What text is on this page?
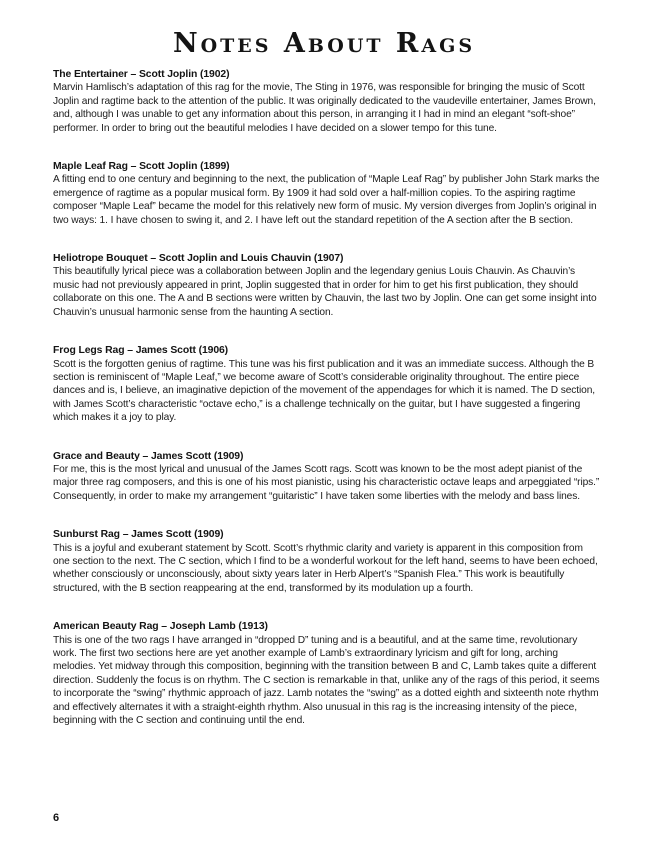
Notes About Rags
The Entertainer – Scott Joplin (1902)

Marvin Hamlisch’s adaptation of this rag for the movie, The Sting in 1976, was responsible for bringing the music of Scott Joplin and ragtime back to the attention of the public. It was originally dedicated to the vaudeville entertainer, James Brown, and, although I was unable to get any information about this person, in arranging it I had in mind an elegant “soft-shoe” performer. In order to bring out the beautiful melodies I have decided on a slower tempo for this tune.

Maple Leaf Rag – Scott Joplin (1899)

A fitting end to one century and beginning to the next, the publication of “Maple Leaf Rag” by publisher John Stark marks the emergence of ragtime as a popular musical form. By 1909 it had sold over a half-million copies. To the aspiring ragtime composer “Maple Leaf” became the model for this relatively new form of music. My version diverges from Joplin’s original in two ways: 1. I have chosen to swing it, and 2. I have left out the standard repetition of the A section after the B section.

Heliotrope Bouquet – Scott Joplin and Louis Chauvin (1907)

This beautifully lyrical piece was a collaboration between Joplin and the legendary genius Louis Chauvin. As Chauvin’s music had not previously appeared in print, Joplin suggested that in order for him to get his first publication, they should collaborate on this one. The A and B sections were written by Chauvin, the last two by Joplin. One can get some insight into Chauvin’s unusual harmonic sense from the haunting A section.

Frog Legs Rag – James Scott (1906)

Scott is the forgotten genius of ragtime. This tune was his first publication and it was an immediate success. Although the B section is reminiscent of “Maple Leaf,” we become aware of Scott’s considerable originality throughout. The entire piece dances and is, I believe, an imaginative depiction of the movement of the appendages for which it is named. The D section, with James Scott’s characteristic “octave echo,” is a challenge technically on the guitar, but I have suggested a fingering which makes it a joy to play.

Grace and Beauty – James Scott (1909)

For me, this is the most lyrical and unusual of the James Scott rags. Scott was known to be the most adept pianist of the major three rag composers, and this is one of his most pianistic, using his characteristic octave leaps and arpeggiated “rips.” Consequently, in order to make my arrangement “guitaristic” I have taken some liberties with the melody and bass lines.

Sunburst Rag – James Scott (1909)

This is a joyful and exuberant statement by Scott. Scott’s rhythmic clarity and variety is apparent in this composition from one section to the next. The C section, which I find to be a wonderful workout for the left hand, seems to have been echoed, whether consciously or unconsciously, about sixty years later in Herb Alpert’s “Spanish Flea.” This work is beautifully structured, with the B section reappearing at the end, transformed by its modulation up a fourth.

American Beauty Rag – Joseph Lamb (1913)

This is one of the two rags I have arranged in “dropped D” tuning and is a beautiful, and at the same time, revolutionary work. The first two sections here are yet another example of Lamb’s extraordinary lyricism and gift for long, arching melodies. Yet midway through this composition, beginning with the transition between B and C, Lamb takes quite a different direction. Suddenly the focus is on rhythm. The C section is remarkable in that, unlike any of the rags of this period, it seems to incorporate the “swing” rhythmic approach of jazz. Lamb notates the “swing” as a dotted eighth and sixteenth note rhythm and effectively alternates it with a straight-eighth rhythm. Also unusual in this rag is the increasing intensity of the piece, beginning with the C section and continuing until the end.

6
